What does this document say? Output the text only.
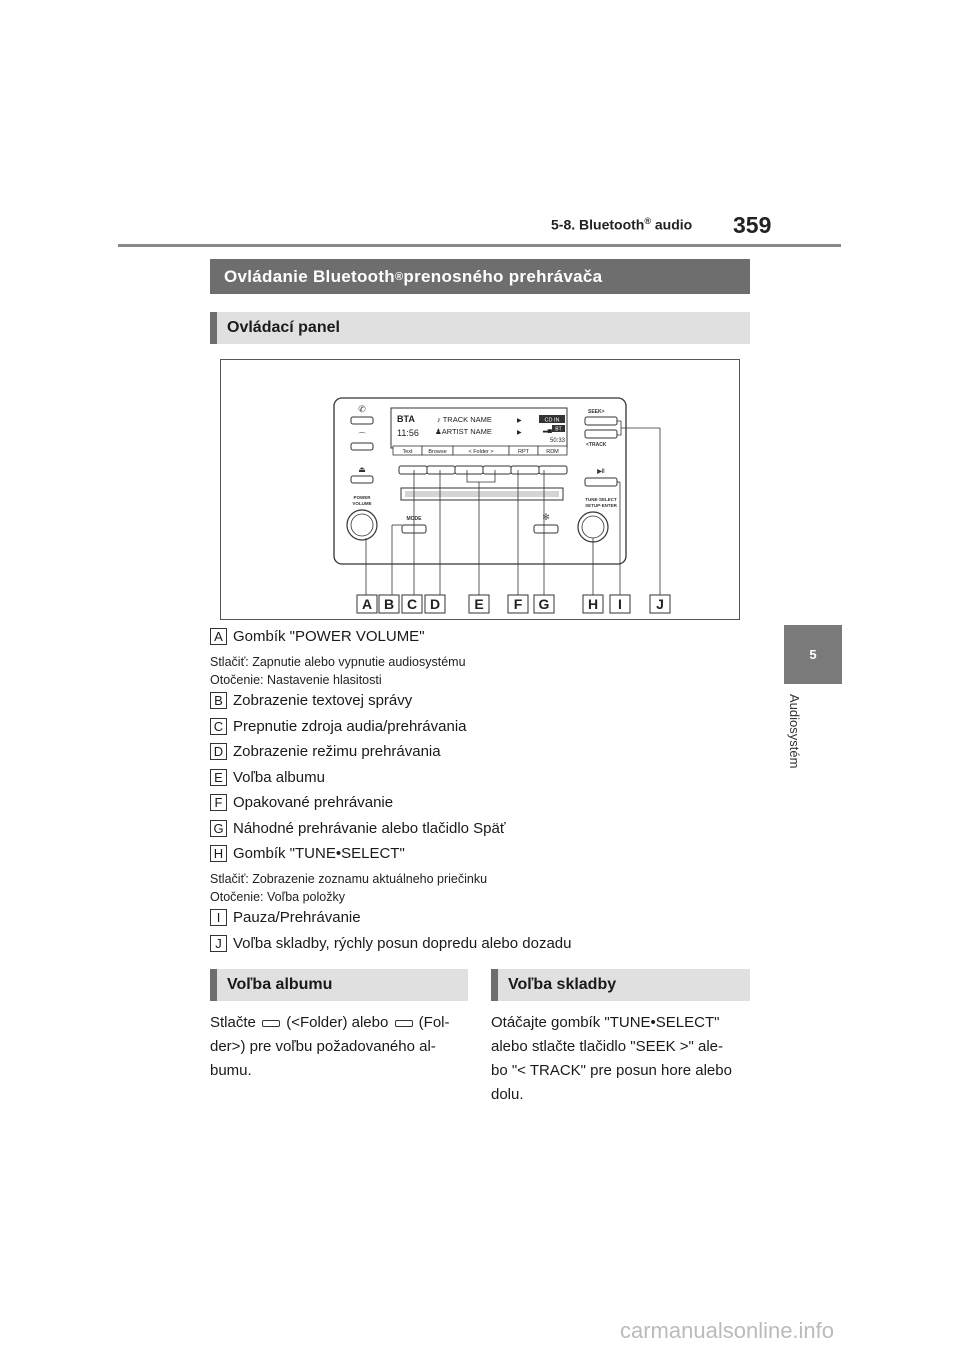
5-8. Bluetooth® audio 359
5
Audiosystém
Ovládanie Bluetooth ® prenosného prehrávača
Ovládací panel
✆
⌒
⏏
POWER
VOLUME
BTA	♪ TRACK NAME
11:56 ♟ARTIST NAME
▶
▶
CD IN
BT
▂▄
50:33
Text	Browse	< Folder >	RPT	RDM
MODE	✻
SEEK>
<TRACK
▶‖
TUNE·SELECT
SETUP·ENTER
A B C D E F G	H I J
A Gombík "POWER VOLUME"
Stlačiť: Zapnutie alebo vypnutie audiosystému
Otočenie: Nastavenie hlasitosti
B Zobrazenie textovej správy
C Prepnutie zdroja audia/prehrávania
D Zobrazenie režimu prehrávania
E Voľba albumu
F Opakované prehrávanie
G Náhodné prehrávanie alebo tlačidlo Späť
H Gombík "TUNE•SELECT"
Stlačiť: Zobrazenie zoznamu aktuálneho priečinku
Otočenie: Voľba položky
I Pauza/Prehrávanie
J Voľba skladby, rýchly posun dopredu alebo dozadu
Voľba albumu	Voľba skladby
Stlačte  (<Folder) alebo  (Fol-
der>) pre voľbu požadovaného al-
bumu.
Otáčajte gombík "TUNE•SELECT"
alebo stlačte tlačidlo "SEEK >" ale-
bo "< TRACK" pre posun hore alebo
dolu.
carmanualsonline.info
